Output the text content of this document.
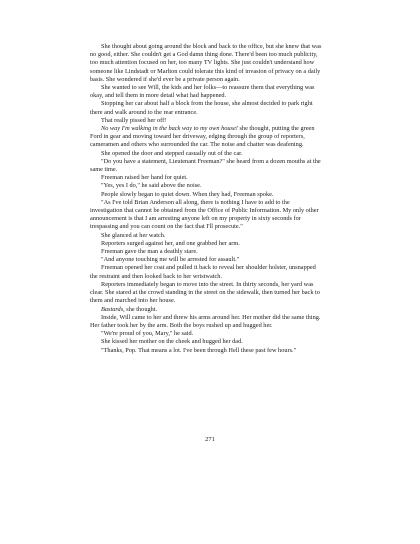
She thought about going around the block and back to the office, but she knew that was no good, either. She couldn't get a God damn thing done. There'd been too much publicity, too much attention focused on her, too many TV lights. She just couldn't understand how someone like Lindstadt or Marlton could tolerate this kind of invasion of privacy on a daily basis. She wondered if she'd ever be a private person again.

She wanted to see Will, the kids and her folks—to reassure them that everything was okay, and tell them in more detail what had happened.

Stopping her car about half a block from the house, she almost decided to park right there and walk around to the rear entrance.

That really pissed her off!

No way I'm walking in the back way to my own house! she thought, putting the green Ford in gear and moving toward her driveway, edging through the group of reporters, cameramen and others who surrounded the car. The noise and chatter was deafening.

She opened the door and stepped casually out of the car.

"Do you have a statement, Lieutenant Freeman?" she heard from a dozen mouths at the same time.

Freeman raised her hand for quiet.

"Yes, yes I do," he said above the noise.

People slowly began to quiet down. When they had, Freeman spoke.

"As I've told Brian Anderson all along, there is nothing I have to add to the investigation that cannot be obtained from the Office of Public Information. My only other announcement is that I am arresting anyone left on my property in sixty seconds for trespassing and you can count on the fact that I'll prosecute."

She glanced at her watch.

Reporters surged against her, and one grabbed her arm.

Freeman gave the man a deathly stare.

"And anyone touching me will be arrested for assault."

Freeman opened her coat and pulled it back to reveal her shoulder holster, unsnapped the restraint and then looked back to her wristwatch.

Reporters immediately began to move into the street. In thirty seconds, her yard was clear. She stared at the crowd standing in the street on the sidewalk, then turned her back to them and marched into her house.

Bastards, she thought.

Inside, Will came to her and threw his arms around her. Her mother did the same thing. Her father took her by the arm. Both the boys rushed up and hugged her.

"We're proud of you, Mary," he said.

She kissed her mother on the cheek and hugged her dad.

"Thanks, Pop. That means a lot. I've been through Hell these past few hours."

271
